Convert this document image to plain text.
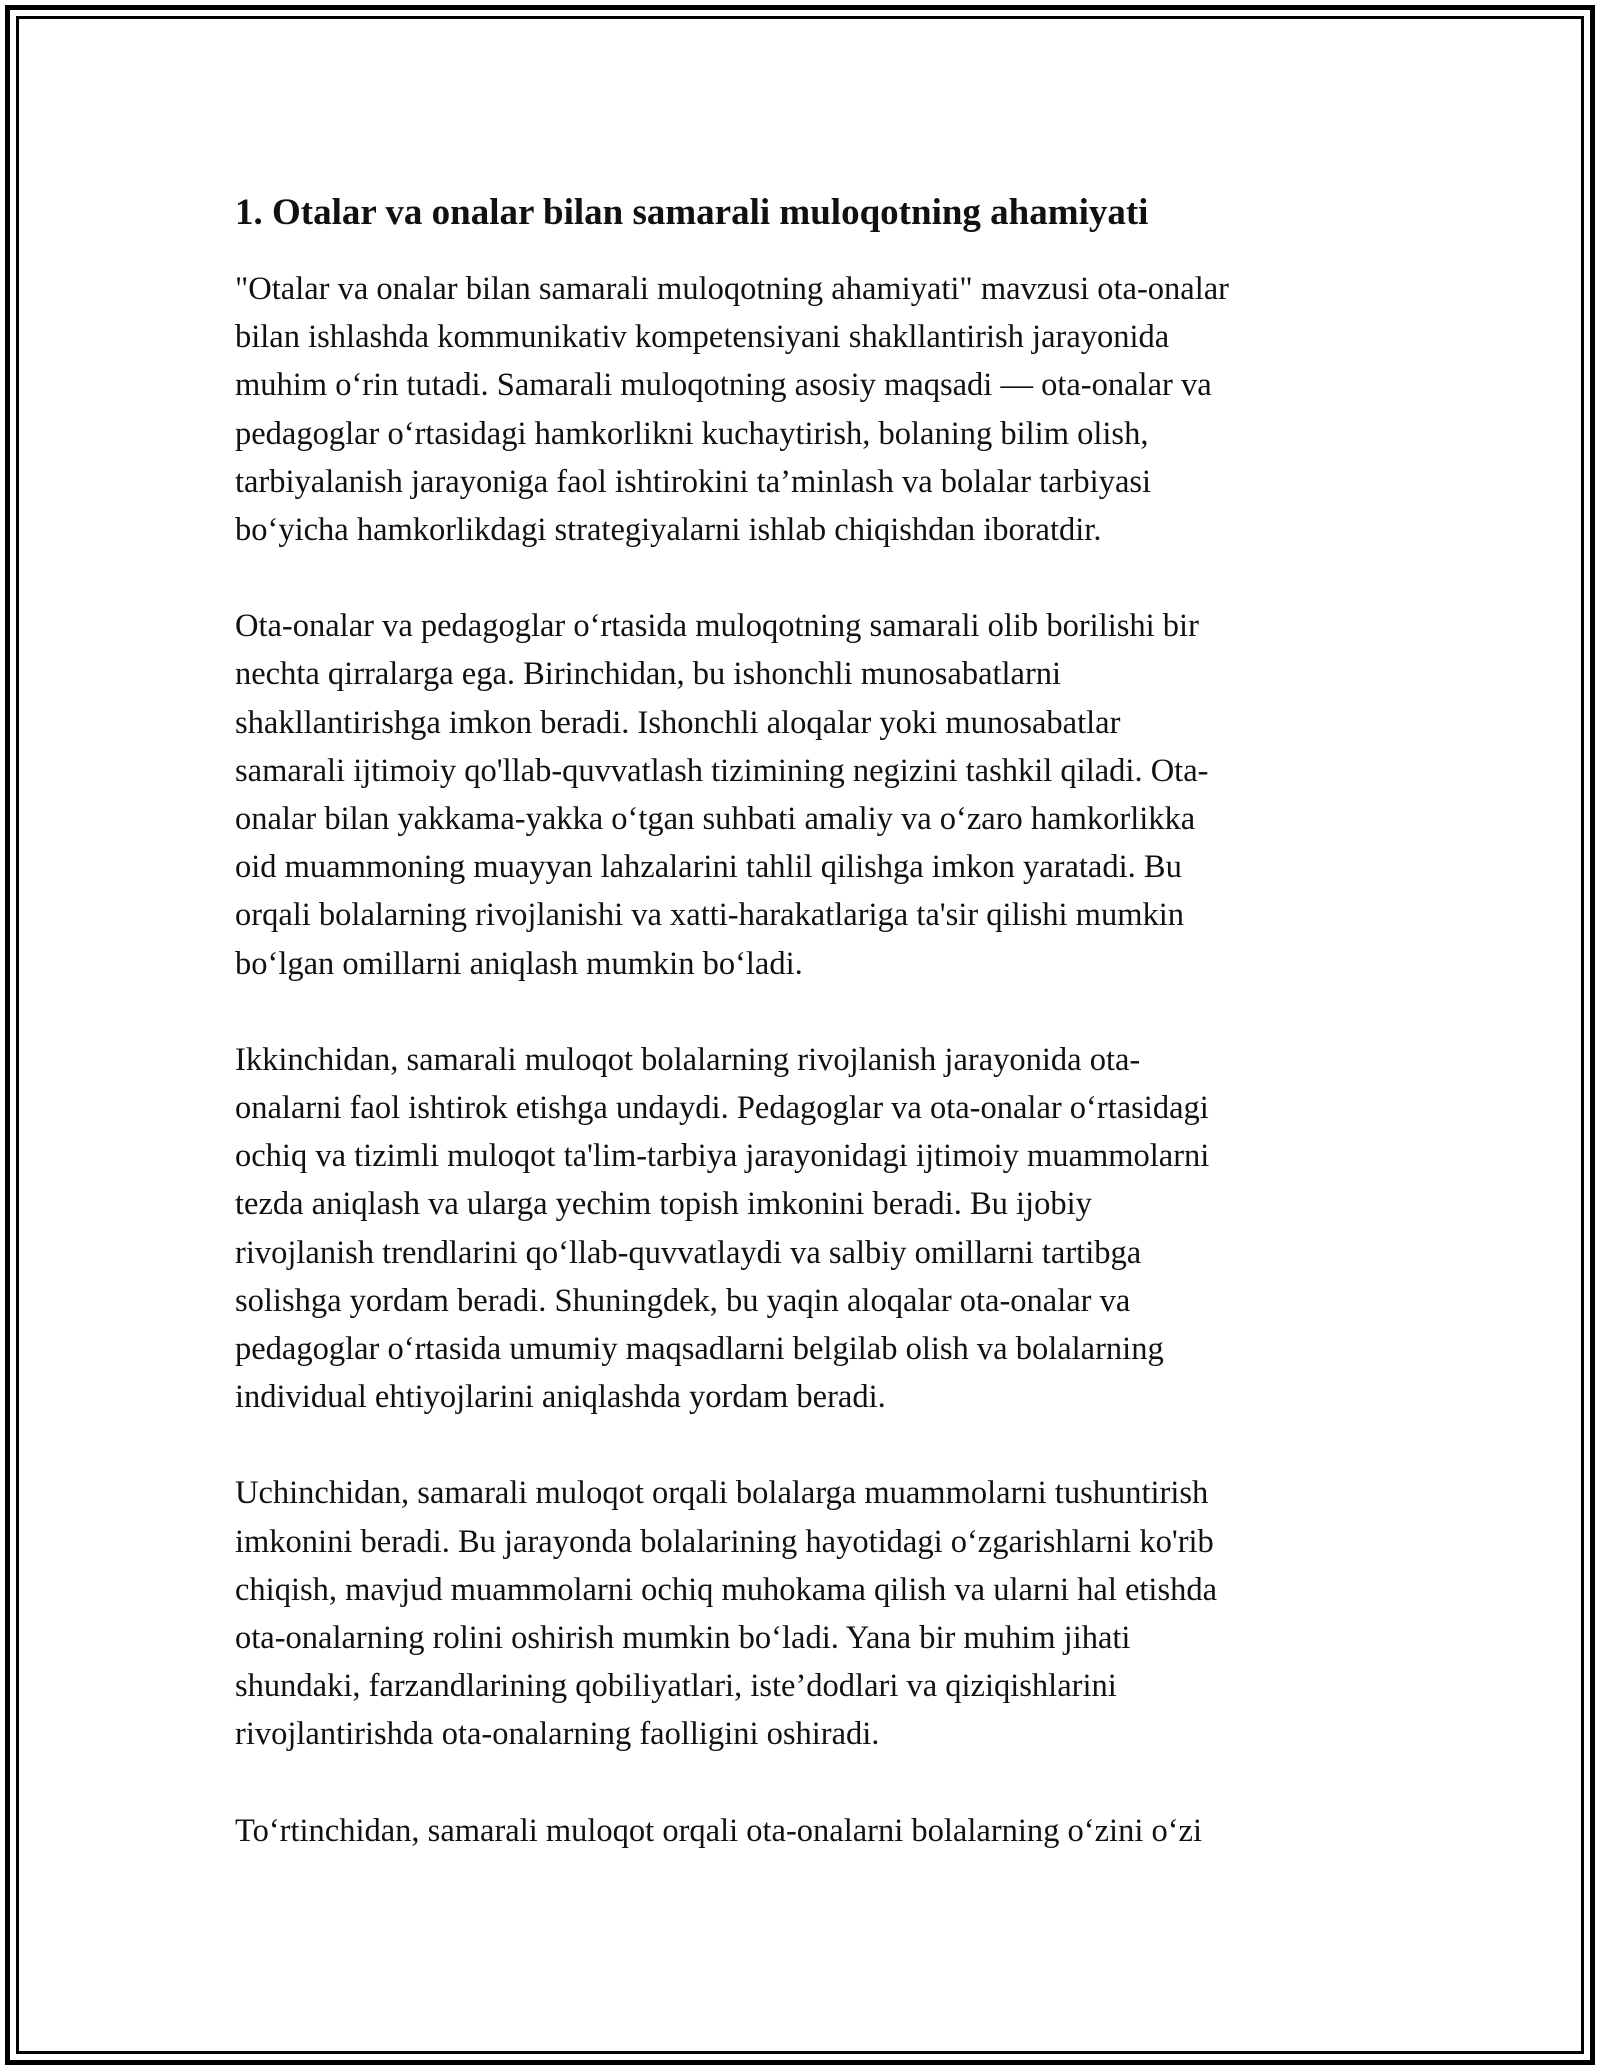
1. Otalar va onalar bilan samarali muloqotning ahamiyati
"Otalar va onalar bilan samarali muloqotning ahamiyati" mavzusi ota-onalar
bilan ishlashda kommunikativ kompetensiyani shakllantirish jarayonida
muhim o‘rin tutadi. Samarali muloqotning asosiy maqsadi — ota-onalar va
pedagoglar o‘rtasidagi hamkorlikni kuchaytirish, bolaning bilim olish,
tarbiyalanish jarayoniga faol ishtirokini ta’minlash va bolalar tarbiyasi
bo‘yicha hamkorlikdagi strategiyalarni ishlab chiqishdan iboratdir.
Ota-onalar va pedagoglar o‘rtasida muloqotning samarali olib borilishi bir
nechta qirralarga ega. Birinchidan, bu ishonchli munosabatlarni
shakllantirishga imkon beradi. Ishonchli aloqalar yoki munosabatlar
samarali ijtimoiy qo'llab-quvvatlash tizimining negizini tashkil qiladi. Ota-
onalar bilan yakkama-yakka o‘tgan suhbati amaliy va o‘zaro hamkorlikka
oid muammoning muayyan lahzalarini tahlil qilishga imkon yaratadi. Bu
orqali bolalarning rivojlanishi va xatti-harakatlariga ta'sir qilishi mumkin
bo‘lgan omillarni aniqlash mumkin bo‘ladi.
Ikkinchidan, samarali muloqot bolalarning rivojlanish jarayonida ota-
onalarni faol ishtirok etishga undaydi. Pedagoglar va ota-onalar o‘rtasidagi
ochiq va tizimli muloqot ta'lim-tarbiya jarayonidagi ijtimoiy muammolarni
tezda aniqlash va ularga yechim topish imkonini beradi. Bu ijobiy
rivojlanish trendlarini qo‘llab-quvvatlaydi va salbiy omillarni tartibga
solishga yordam beradi. Shuningdek, bu yaqin aloqalar ota-onalar va
pedagoglar o‘rtasida umumiy maqsadlarni belgilab olish va bolalarning
individual ehtiyojlarini aniqlashda yordam beradi.
Uchinchidan, samarali muloqot orqali bolalarga muammolarni tushuntirish
imkonini beradi. Bu jarayonda bolalarining hayotidagi o‘zgarishlarni ko'rib
chiqish, mavjud muammolarni ochiq muhokama qilish va ularni hal etishda
ota-onalarning rolini oshirish mumkin bo‘ladi. Yana bir muhim jihati
shundaki, farzandlarining qobiliyatlari, iste’dodlari va qiziqishlarini
rivojlantirishda ota-onalarning faolligini oshiradi.
To‘rtinchidan, samarali muloqot orqali ota-onalarni bolalarning o‘zini o‘zi
